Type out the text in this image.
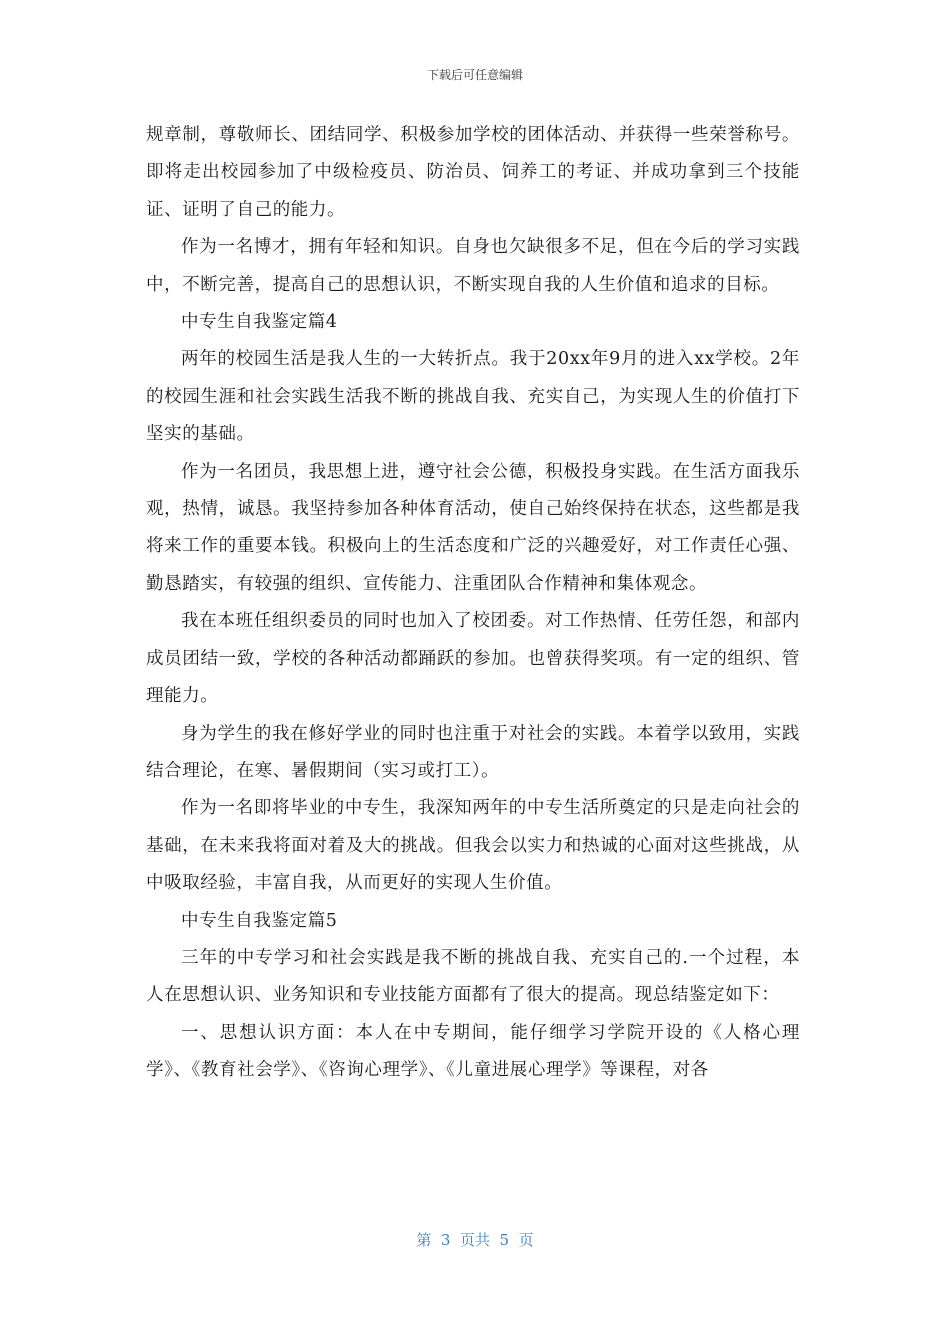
下载后可任意编辑

规章制，尊敬师长、团结同学、积极参加学校的团体活动、并获得一些荣誉称号。即将走出校园参加了中级检疫员、防治员、饲养工的考证、并成功拿到三个技能证、证明了自己的能力。

作为一名博才，拥有年轻和知识。自身也欠缺很多不足，但在今后的学习实践中，不断完善，提高自己的思想认识，不断实现自我的人生价值和追求的目标。

中专生自我鉴定篇4

两年的校园生活是我人生的一大转折点。我于20xx年9月的进入xx学校。2年的校园生涯和社会实践生活我不断的挑战自我、充实自己，为实现人生的价值打下坚实的基础。

作为一名团员，我思想上进，遵守社会公德，积极投身实践。在生活方面我乐观，热情，诚恳。我坚持参加各种体育活动，使自己始终保持在状态，这些都是我将来工作的重要本钱。积极向上的生活态度和广泛的兴趣爱好，对工作责任心强、勤恳踏实，有较强的组织、宣传能力、注重团队合作精神和集体观念。

我在本班任组织委员的同时也加入了校团委。对工作热情、任劳任怨，和部内成员团结一致，学校的各种活动都踊跃的参加。也曾获得奖项。有一定的组织、管理能力。

身为学生的我在修好学业的同时也注重于对社会的实践。本着学以致用，实践结合理论，在寒、暑假期间（实习或打工）。

作为一名即将毕业的中专生，我深知两年的中专生活所奠定的只是走向社会的基础，在未来我将面对着及大的挑战。但我会以实力和热诚的心面对这些挑战，从中吸取经验，丰富自我，从而更好的实现人生价值。

中专生自我鉴定篇5

三年的中专学习和社会实践是我不断的挑战自我、充实自己的.一个过程，本人在思想认识、业务知识和专业技能方面都有了很大的提高。现总结鉴定如下：

一、思想认识方面：本人在中专期间，能仔细学习学院开设的《人格心理学》、《教育社会学》、《咨询心理学》、《儿童进展心理学》等课程，对各

第  3  页共  5  页
